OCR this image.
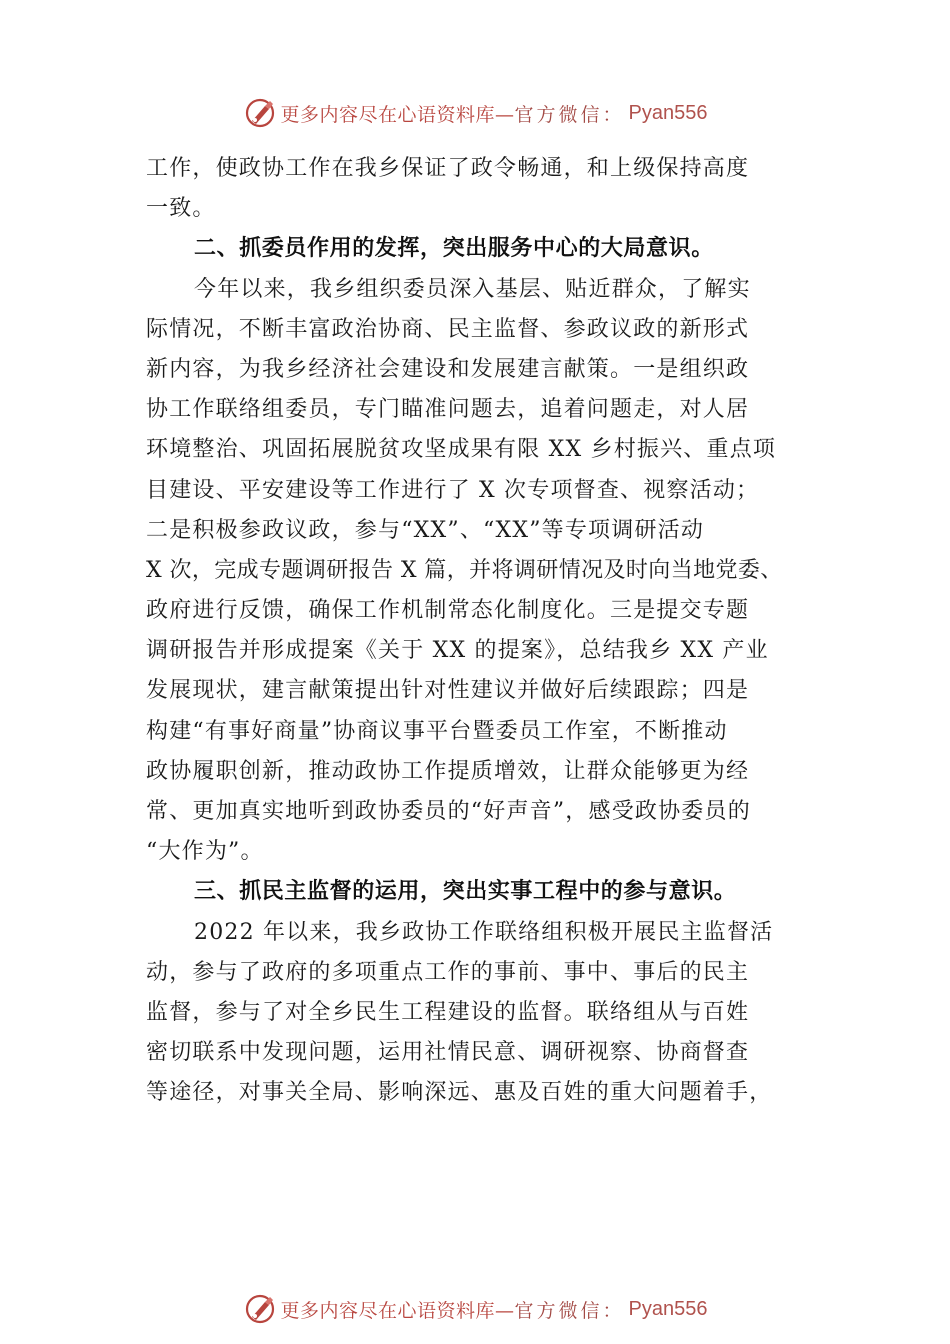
更多内容尽在心语资料库— 官方微信： Pyan556
工作，使政协工作在我乡保证了政令畅通，和上级保持高度
一致。
二、抓委员作用的发挥，突出服务中心的大局意识。
今年以来，我乡组织委员深入基层、贴近群众，了解实
际情况，不断丰富政治协商、民主监督、参政议政的新形式
新内容，为我乡经济社会建设和发展建言献策。一是组织政
协工作联络组委员，专门瞄准问题去，追着问题走，对人居
环境整治、巩固拓展脱贫攻坚成果有限 XX 乡村振兴、重点项
目建设、平安建设等工作进行了 X 次专项督查、视察活动；
二是积极参政议政，参与“XX”、“XX”等专项调研活动
X 次，完成专题调研报告 X 篇，并将调研情况及时向当地党委、
政府进行反馈，确保工作机制常态化制度化。三是提交专题
调研报告并形成提案《关于 XX 的提案》，总结我乡 XX 产业
发展现状，建言献策提出针对性建议并做好后续跟踪；四是
构建“有事好商量”协商议事平台暨委员工作室，不断推动
政协履职创新，推动政协工作提质增效，让群众能够更为经
常、更加真实地听到政协委员的“好声音”，感受政协委员的
“大作为”。
三、抓民主监督的运用，突出实事工程中的参与意识。
2022 年以来，我乡政协工作联络组积极开展民主监督活
动，参与了政府的多项重点工作的事前、事中、事后的民主
监督，参与了对全乡民生工程建设的监督。联络组从与百姓
密切联系中发现问题，运用社情民意、调研视察、协商督查
等途径，对事关全局、影响深远、惠及百姓的重大问题着手，
更多内容尽在心语资料库— 官方微信： Pyan556
